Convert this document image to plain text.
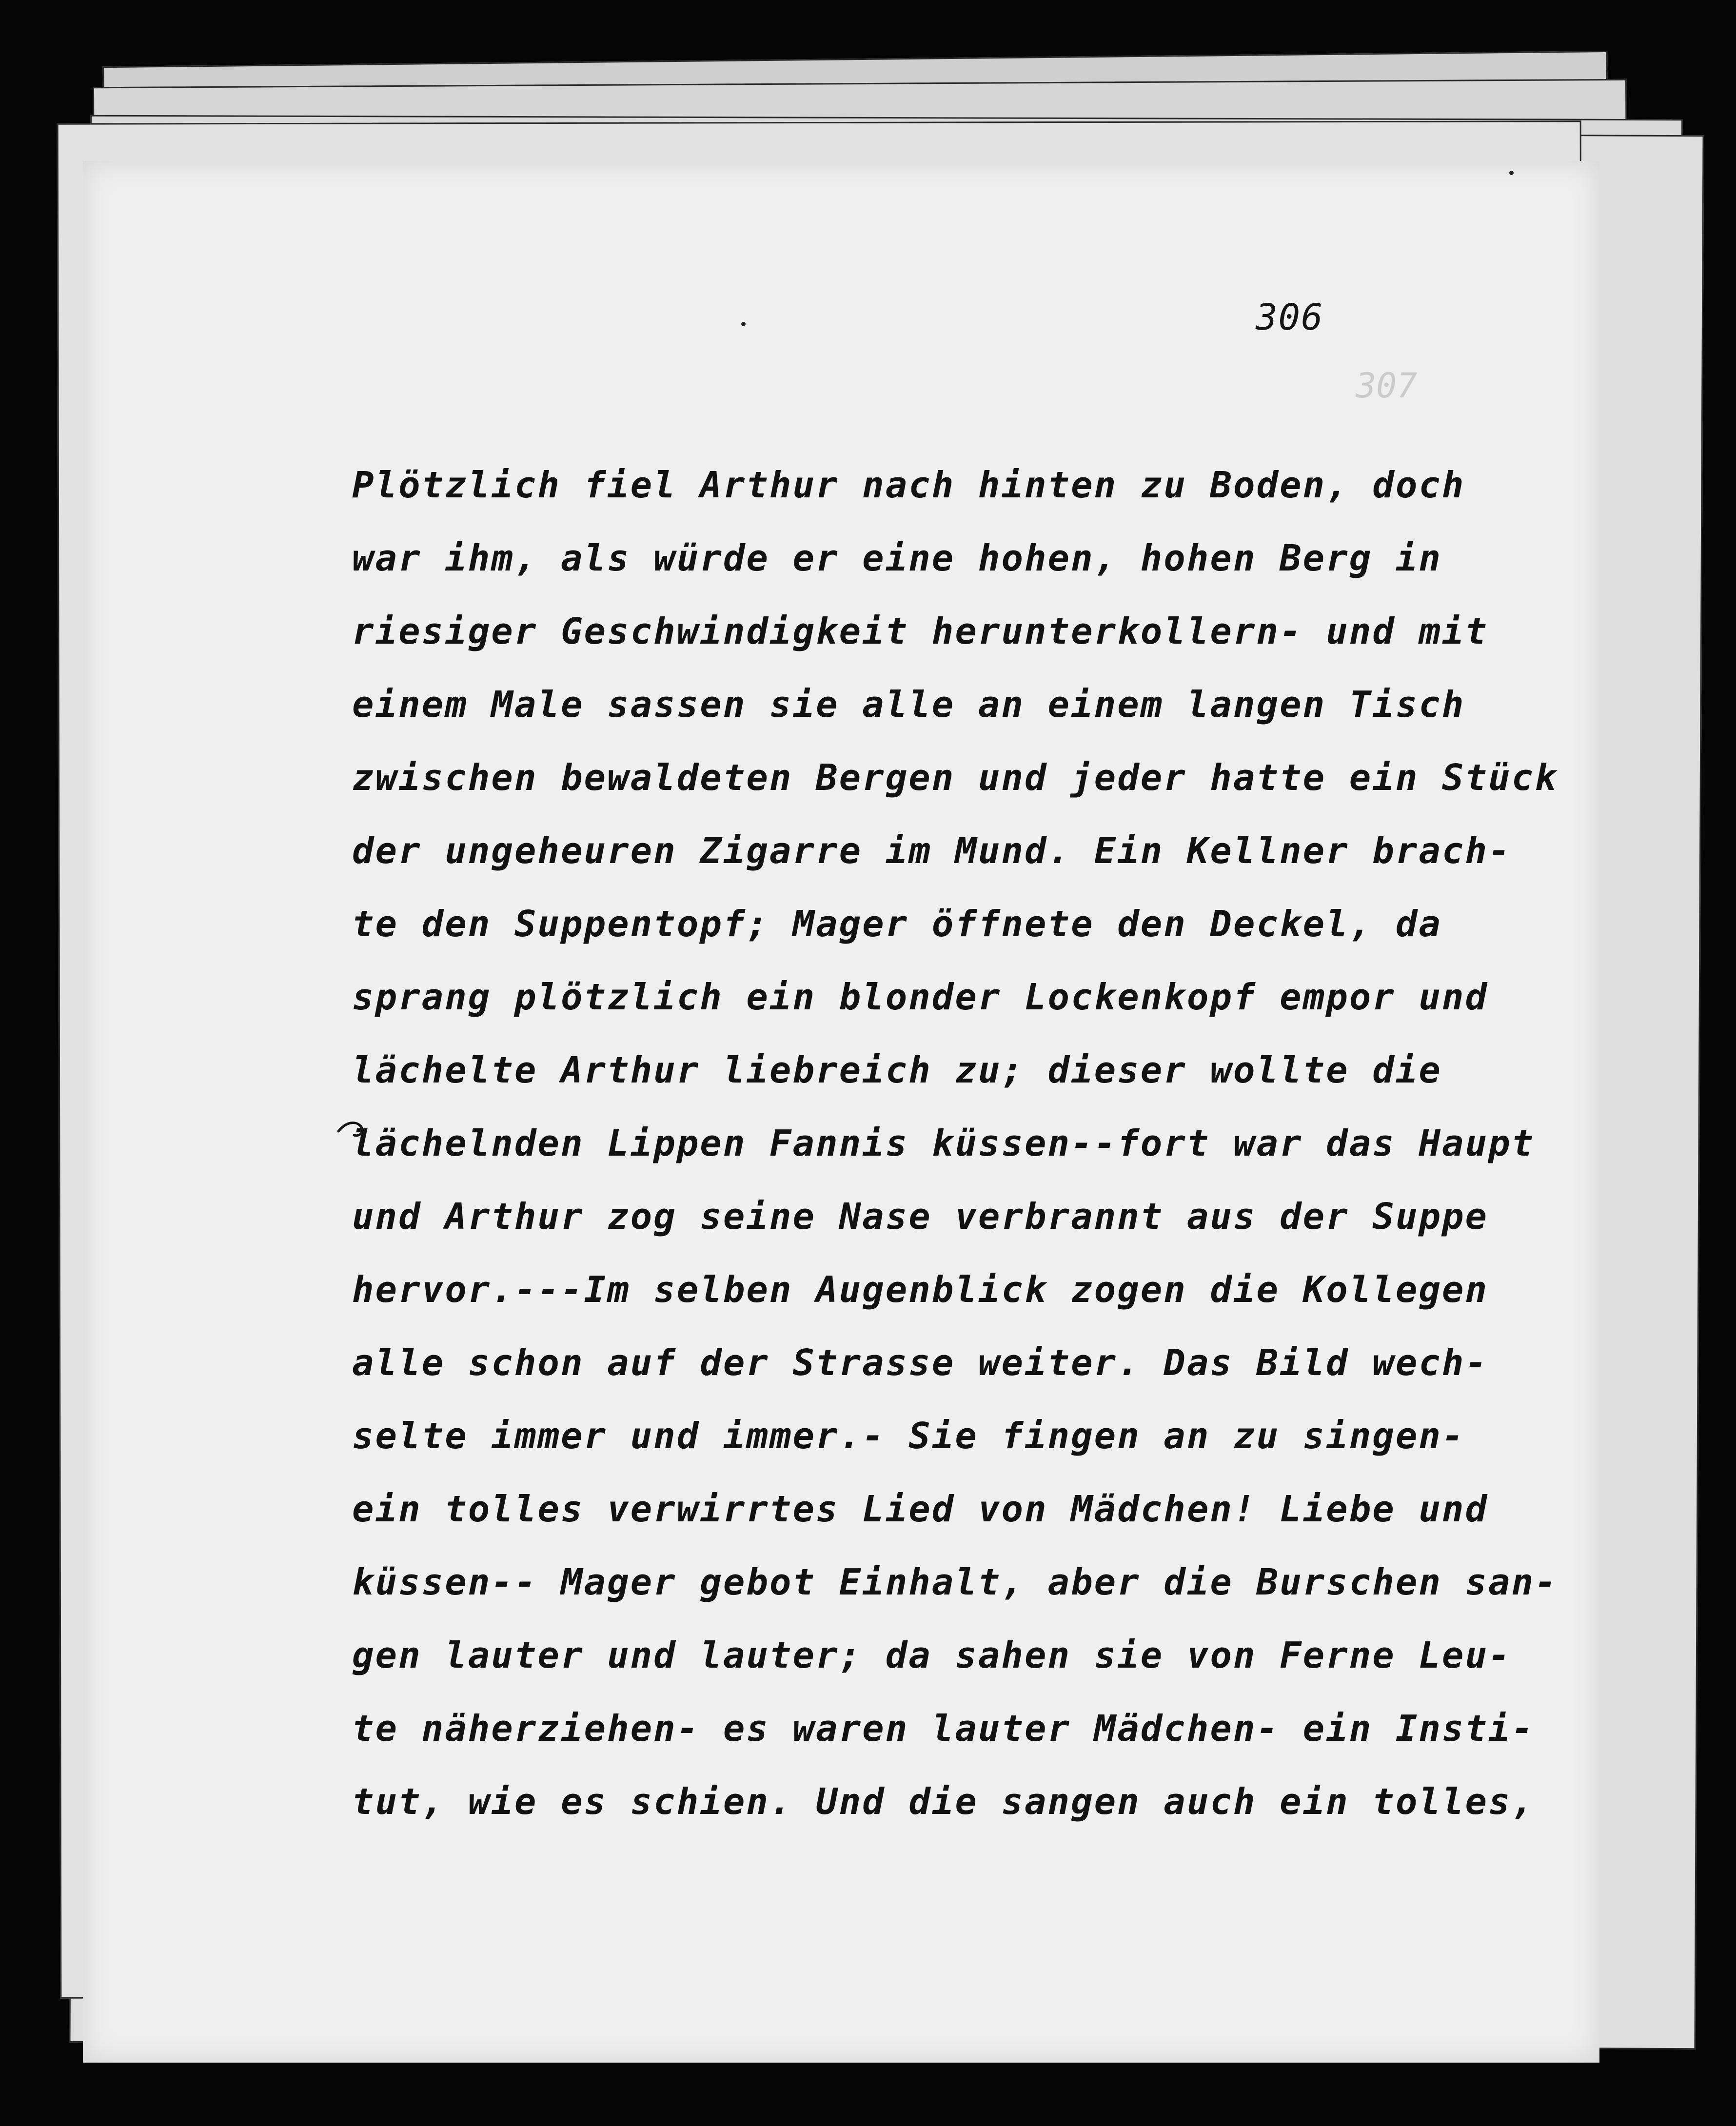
307
306
Plötzlich fiel Arthur nach hinten zu Boden, doch
war ihm, als würde er eine hohen, hohen Berg in
riesiger Geschwindigkeit herunterkollern- und mit
einem Male sassen sie alle an einem langen Tisch
zwischen bewaldeten Bergen und jeder hatte ein Stück
der ungeheuren Zigarre im Mund. Ein Kellner brach-
te den Suppentopf; Mager öffnete den Deckel, da
sprang plötzlich ein blonder Lockenkopf empor und
lächelte Arthur liebreich zu; dieser wollte die
lächelnden Lippen Fannis küssen--fort war das Haupt
und Arthur zog seine Nase verbrannt aus der Suppe
hervor.---Im selben Augenblick zogen die Kollegen
alle schon auf der Strasse weiter. Das Bild wech-
selte immer und immer.- Sie fingen an zu singen-
ein tolles verwirrtes Lied von Mädchen! Liebe und
küssen-- Mager gebot Einhalt, aber die Burschen san-
gen lauter und lauter; da sahen sie von Ferne Leu-
te näherziehen- es waren lauter Mädchen- ein Insti-
tut, wie es schien. Und die sangen auch ein tolles,
